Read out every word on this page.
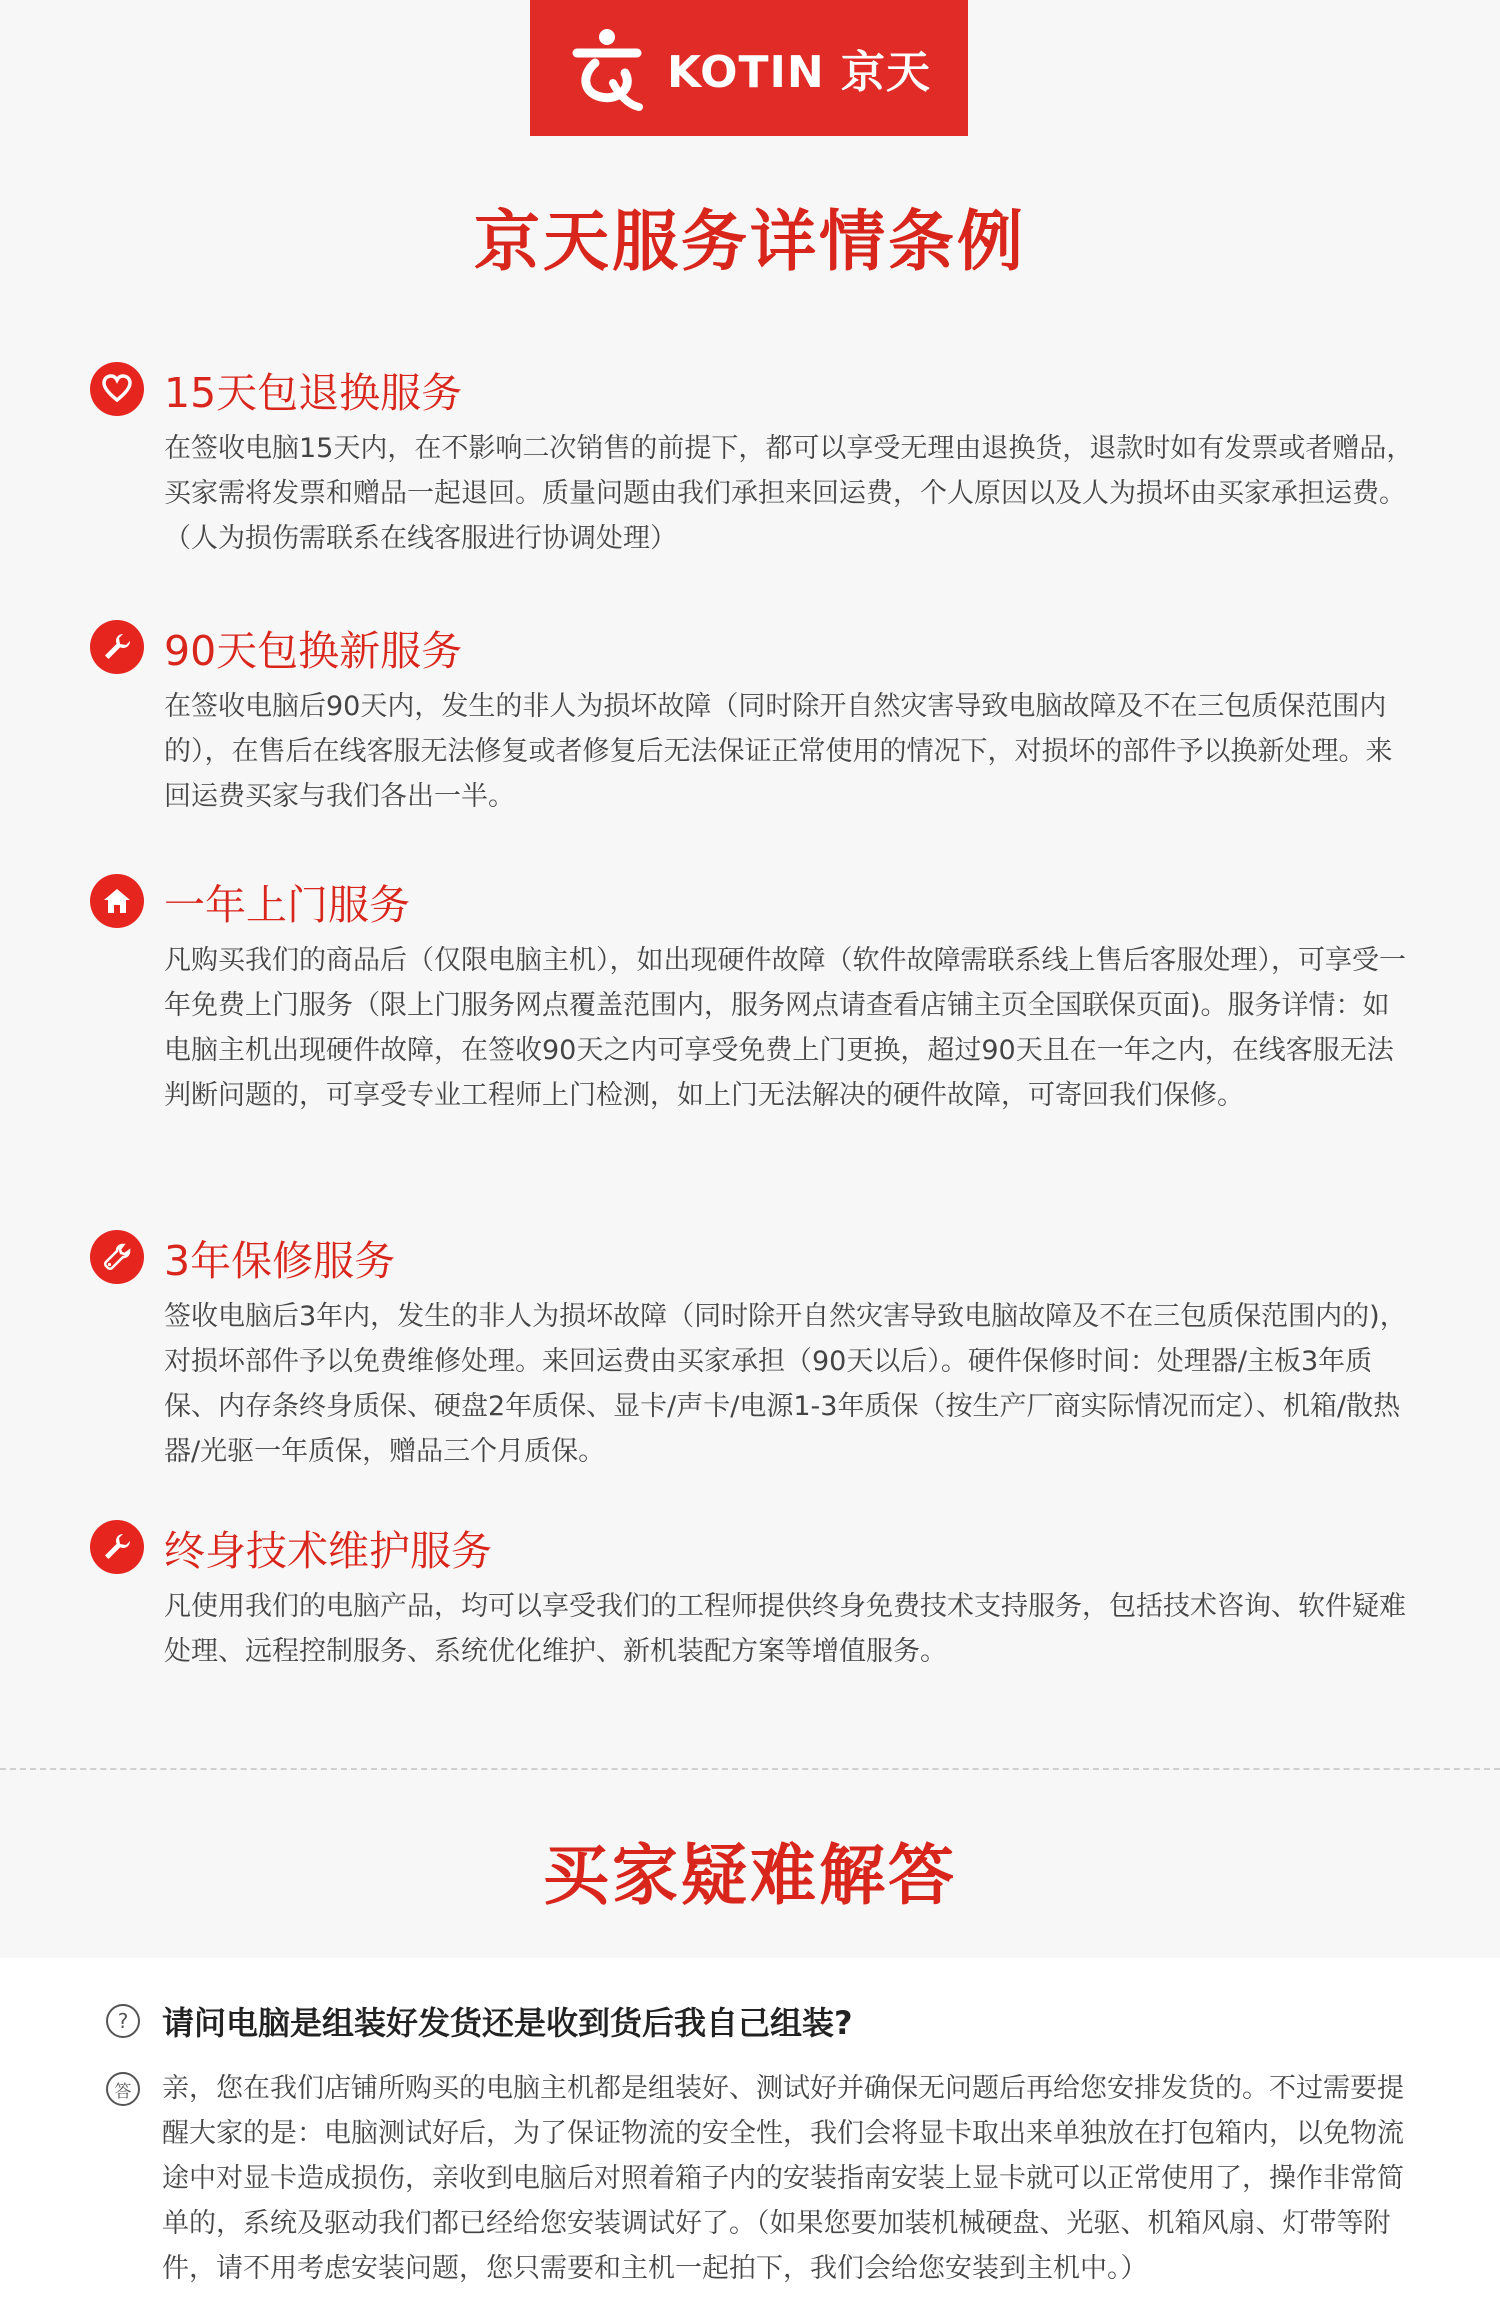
KOTIN 京天
京天服务详情条例
15天包退换服务
在签收电脑15天内，在不影响二次销售的前提下，都可以享受无理由退换货，退款时如有发票或者赠品，买家需将发票和赠品一起退回。质量问题由我们承担来回运费，个人原因以及人为损坏由买家承担运费。（人为损伤需联系在线客服进行协调处理）
90天包换新服务
在签收电脑后90天内，发生的非人为损坏故障（同时除开自然灾害导致电脑故障及不在三包质保范围内的），在售后在线客服无法修复或者修复后无法保证正常使用的情况下，对损坏的部件予以换新处理。来回运费买家与我们各出一半。
一年上门服务
凡购买我们的商品后（仅限电脑主机），如出现硬件故障（软件故障需联系线上售后客服处理），可享受一年免费上门服务（限上门服务网点覆盖范围内，服务网点请查看店铺主页全国联保页面)。服务详情：如电脑主机出现硬件故障，在签收90天之内可享受免费上门更换，超过90天且在一年之内，在线客服无法判断问题的，可享受专业工程师上门检测，如上门无法解决的硬件故障，可寄回我们保修。
3年保修服务
签收电脑后3年内，发生的非人为损坏故障（同时除开自然灾害导致电脑故障及不在三包质保范围内的)，对损坏部件予以免费维修处理。来回运费由买家承担（90天以后）。硬件保修时间：处理器/主板3年质保、内存条终身质保、硬盘2年质保、显卡/声卡/电源1-3年质保（按生产厂商实际情况而定）、机箱/散热器/光驱一年质保，赠品三个月质保。
终身技术维护服务
凡使用我们的电脑产品，均可以享受我们的工程师提供终身免费技术支持服务，包括技术咨询、软件疑难处理、远程控制服务、系统优化维护、新机装配方案等增值服务。
买家疑难解答
?	请问电脑是组装好发货还是收到货后我自己组装?
答	亲，您在我们店铺所购买的电脑主机都是组装好、测试好并确保无问题后再给您安排发货的。不过需要提醒大家的是：电脑测试好后，为了保证物流的安全性，我们会将显卡取出来单独放在打包箱内，以免物流途中对显卡造成损伤，亲收到电脑后对照着箱子内的安装指南安装上显卡就可以正常使用了，操作非常简单的，系统及驱动我们都已经给您安装调试好了。（如果您要加装机械硬盘、光驱、机箱风扇、灯带等附件，请不用考虑安装问题，您只需要和主机一起拍下，我们会给您安装到主机中。）
